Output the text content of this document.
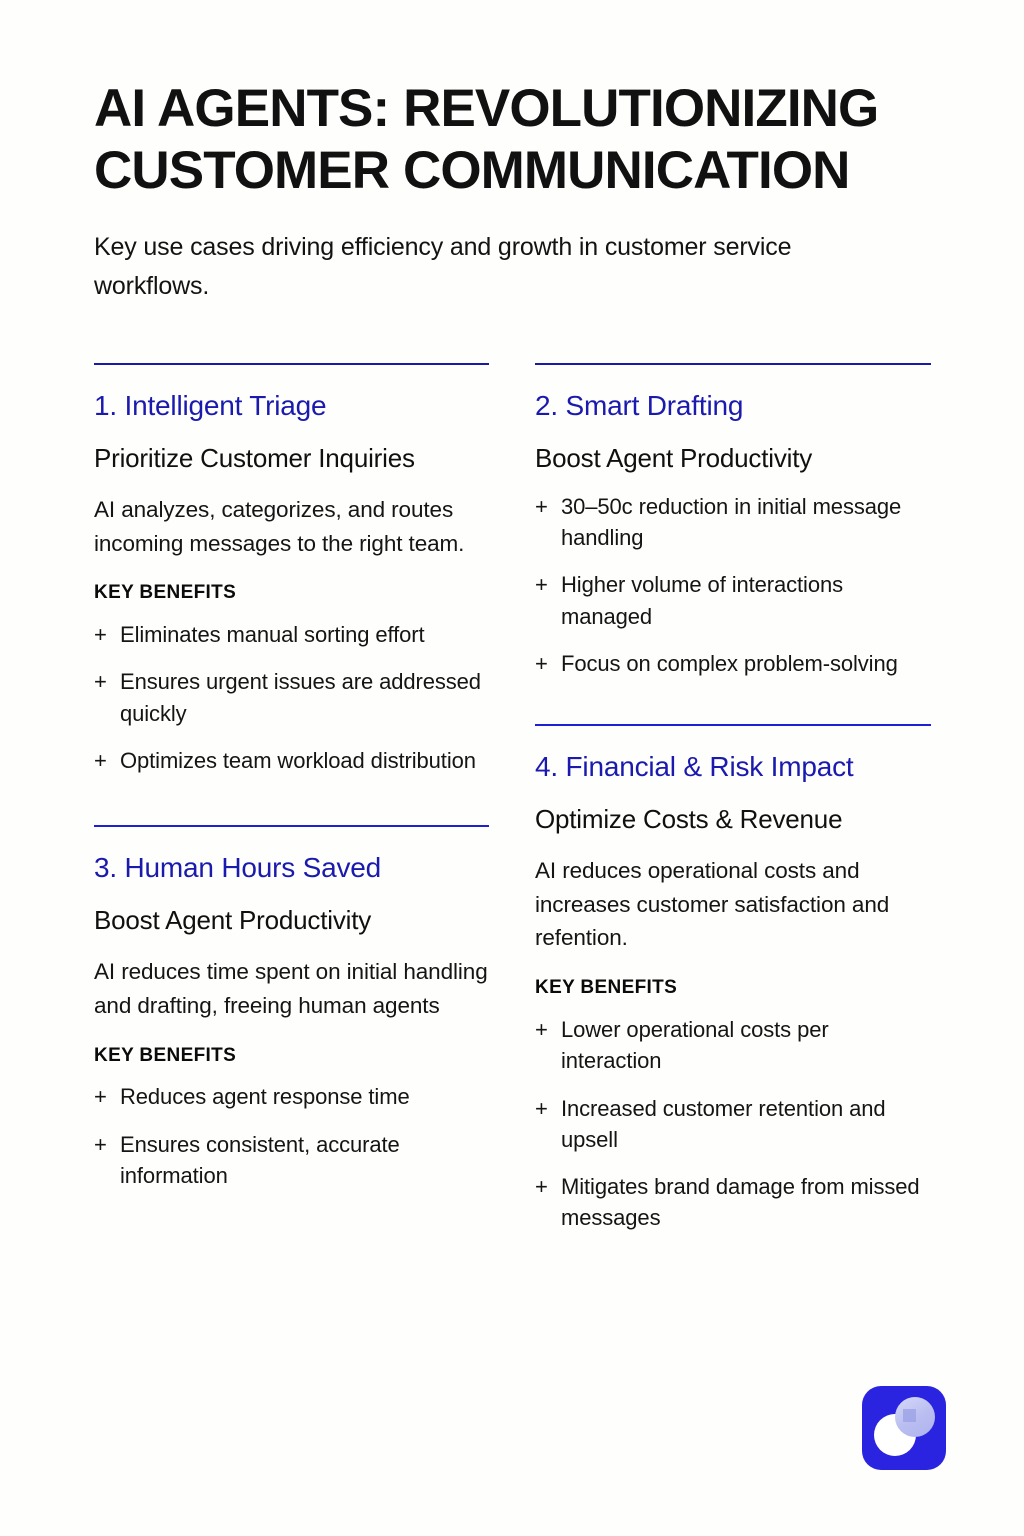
AI AGENTS: REVOLUTIONIZING CUSTOMER COMMUNICATION

Key use cases driving efficiency and growth in customer service workflows.

1. Intelligent Triage
Prioritize Customer Inquiries

AI analyzes, categorizes, and routes incoming messages to the right team.

KEY BENEFITS

+ Eliminates manual sorting effort
+ Ensures urgent issues are addressed quickly
+ Optimizes team workload distribution
3. Human Hours Saved
Boost Agent Productivity

AI reduces time spent on initial handling and drafting, freeing human agents

KEY BENEFITS

+ Reduces agent response time
+ Ensures consistent, accurate information
2. Smart Drafting
Boost Agent Productivity
+ 30–50c reduction in initial message handling
+ Higher volume of interactions managed
+ Focus on complex problem-solving
4. Financial & Risk Impact
Optimize Costs & Revenue

AI reduces operational costs and increases customer satisfaction and refention.

KEY BENEFITS

+ Lower operational costs per interaction
+ Increased customer retention and upsell
+ Mitigates brand damage from missed messages
